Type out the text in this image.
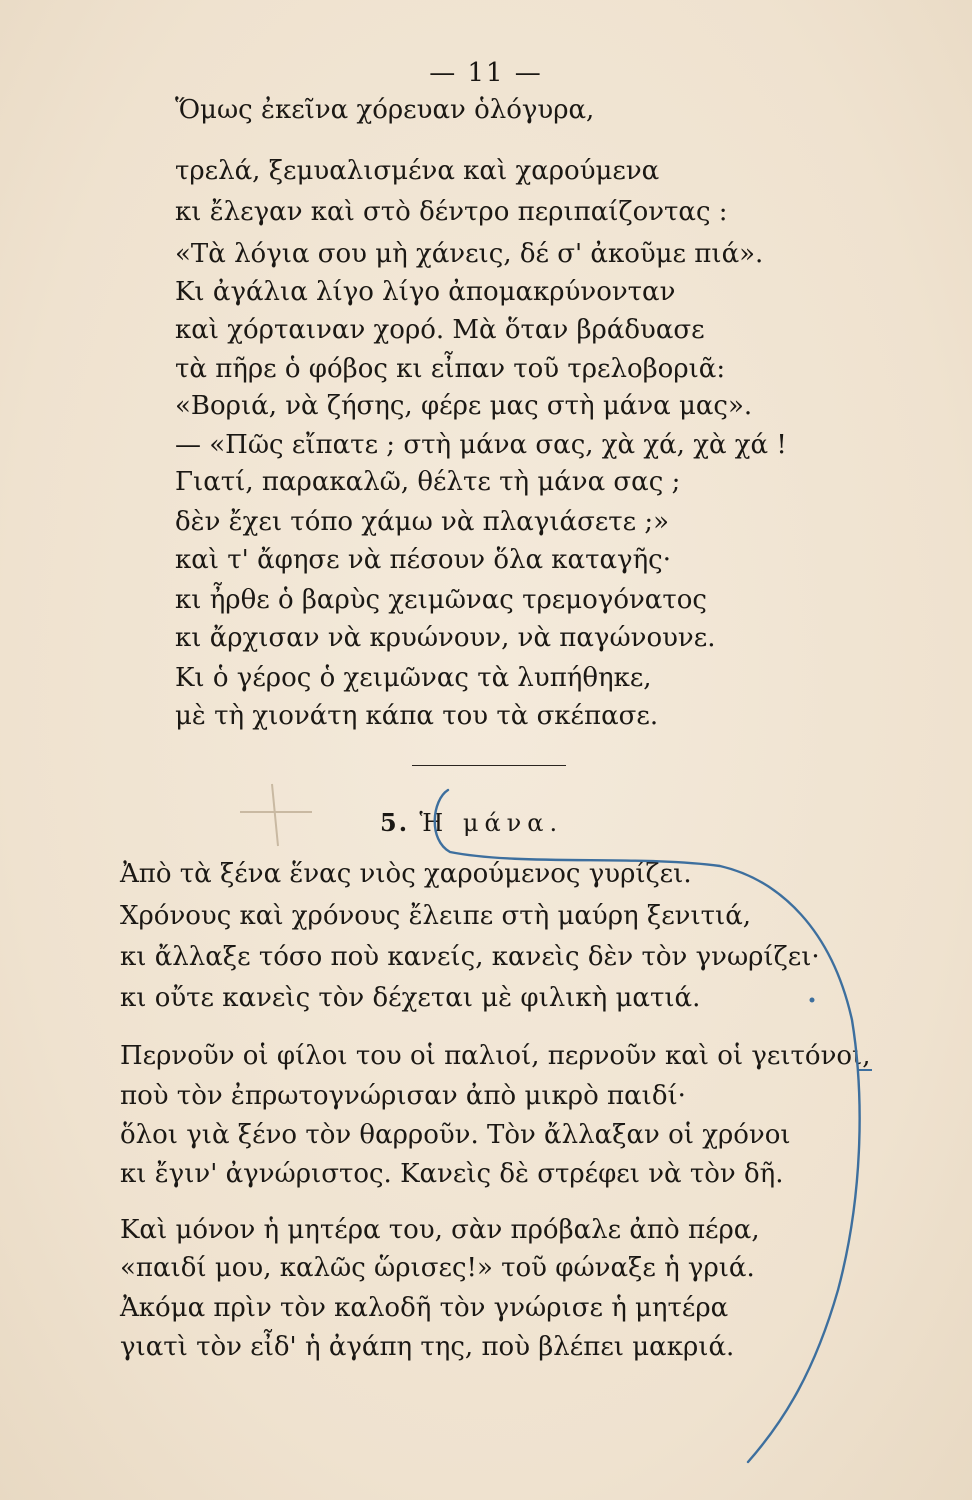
— 11 —
Ὅμως ἐκεῖνα χόρευαν ὁλόγυρα,
τρελά, ξεμυαλισμένα καὶ χαρούμενα
κι ἔλεγαν καὶ στὸ δέντρο περιπαίζοντας :
«Τὰ λόγια σου μὴ χάνεις, δέ σ' ἀκοῦμε πιά».
Κι ἀγάλια λίγο λίγο ἀπομακρύνονταν
καὶ χόρταιναν χορό. Μὰ ὅταν βράδυασε
τὰ πῆρε ὁ φόβος κι εἶπαν τοῦ τρελοβοριᾶ:
«Βοριά, νὰ ζήσης, φέρε μας στὴ μάνα μας».
— «Πῶς εἴπατε ; στὴ μάνα σας, χὰ χά, χὰ χά !
Γιατί, παρακαλῶ, θέλτε τὴ μάνα σας ;
δὲν ἔχει τόπο χάμω νὰ πλαγιάσετε ;»
καὶ τ' ἄφησε νὰ πέσουν ὅλα καταγῆς·
κι ἦρθε ὁ βαρὺς χειμῶνας τρεμογόνατος
κι ἄρχισαν νὰ κρυώνουν, νὰ παγώνουνε.
Κι ὁ γέρος ὁ χειμῶνας τὰ λυπήθηκε,
μὲ τὴ χιονάτη κάπα του τὰ σκέπασε.
5. Ἡ μάνα.
Ἀπὸ τὰ ξένα ἕνας νιὸς χαρούμενος γυρίζει.
Χρόνους καὶ χρόνους ἔλειπε στὴ μαύρη ξενιτιά,
κι ἄλλαξε τόσο ποὺ κανείς, κανεὶς δὲν τὸν γνωρίζει·
κι οὔτε κανεὶς τὸν δέχεται μὲ φιλικὴ ματιά.
Περνοῦν οἱ φίλοι του οἱ παλιοί, περνοῦν καὶ οἱ γειτόνοι,
ποὺ τὸν ἐπρωτογνώρισαν ἀπὸ μικρὸ παιδί·
ὅλοι γιὰ ξένο τὸν θαρροῦν. Τὸν ἄλλαξαν οἱ χρόνοι
κι ἔγιν' ἀγνώριστος. Κανεὶς δὲ στρέφει νὰ τὸν δῆ.
Καὶ μόνον ἡ μητέρα του, σὰν πρόβαλε ἀπὸ πέρα,
«παιδί μου, καλῶς ὥρισες!» τοῦ φώναξε ἡ γριά.
Ἀκόμα πρὶν τὸν καλοδῆ τὸν γνώρισε ἡ μητέρα
γιατὶ τὸν εἶδ' ἡ ἀγάπη της, ποὺ βλέπει μακριά.
